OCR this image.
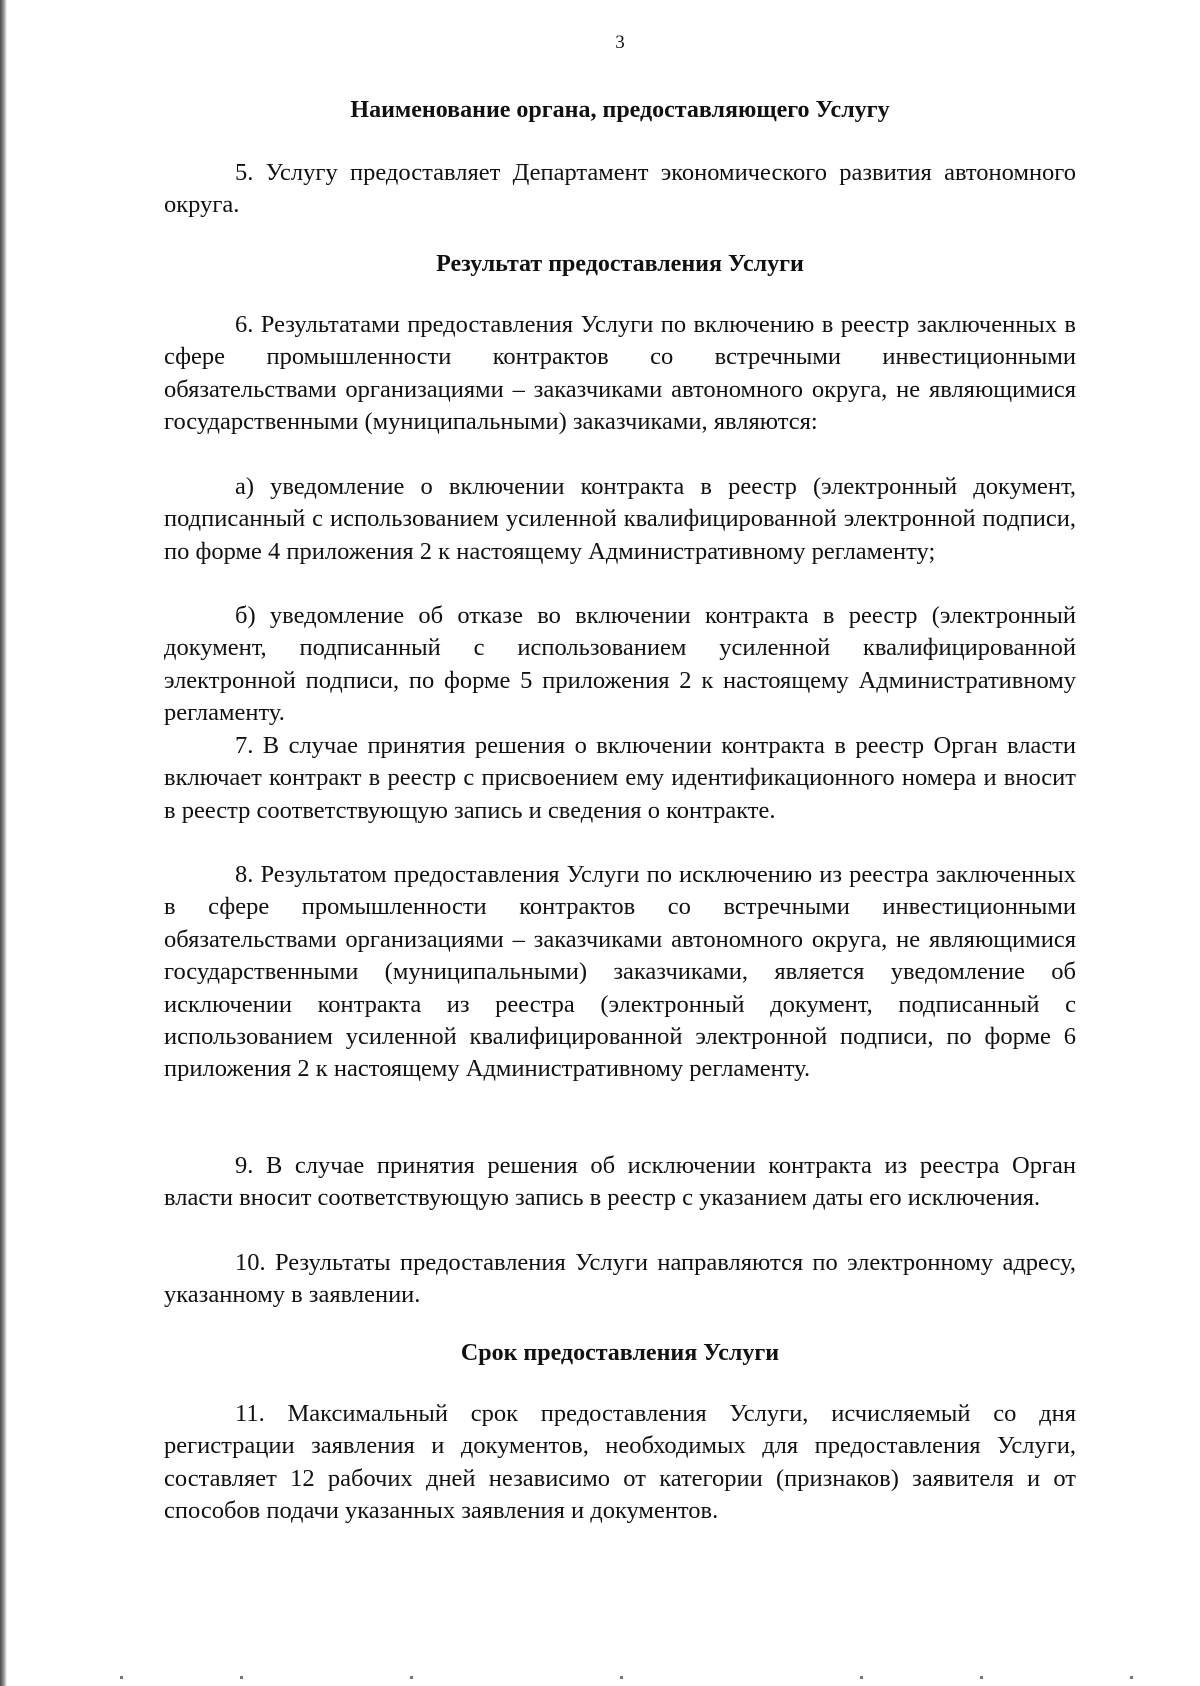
3
Наименование органа, предоставляющего Услугу

5. Услугу предоставляет Департамент экономического развития автономного округа.

Результат предоставления Услуги

6. Результатами предоставления Услуги по включению в реестр заключенных в сфере промышленности контрактов со встречными инвестиционными обязательствами организациями – заказчиками автономного округа, не являющимися государственными (муниципальными) заказчиками, являются:

а) уведомление о включении контракта в реестр (электронный документ, подписанный с использованием усиленной квалифицированной электронной подписи, по форме 4 приложения 2 к настоящему Административному регламенту;

б) уведомление об отказе во включении контракта в реестр (электронный документ, подписанный с использованием усиленной квалифицированной электронной подписи, по форме 5 приложения 2 к настоящему Административному регламенту.

7. В случае принятия решения о включении контракта в реестр Орган власти включает контракт в реестр с присвоением ему идентификационного номера и вносит в реестр соответствующую запись и сведения о контракте.

8. Результатом предоставления Услуги по исключению из реестра заключенных в сфере промышленности контрактов со встречными инвестиционными обязательствами организациями – заказчиками автономного округа, не являющимися государственными (муниципальными) заказчиками, является уведомление об исключении контракта из реестра (электронный документ, подписанный с использованием усиленной квалифицированной электронной подписи, по форме 6 приложения 2 к настоящему Административному регламенту.

9. В случае принятия решения об исключении контракта из реестра Орган власти вносит соответствующую запись в реестр с указанием даты его исключения.

10. Результаты предоставления Услуги направляются по электронному адресу, указанному в заявлении.

Срок предоставления Услуги

11. Максимальный срок предоставления Услуги, исчисляемый со дня регистрации заявления и документов, необходимых для предоставления Услуги, составляет 12 рабочих дней независимо от категории (признаков) заявителя и от способов подачи указанных заявления и документов.
